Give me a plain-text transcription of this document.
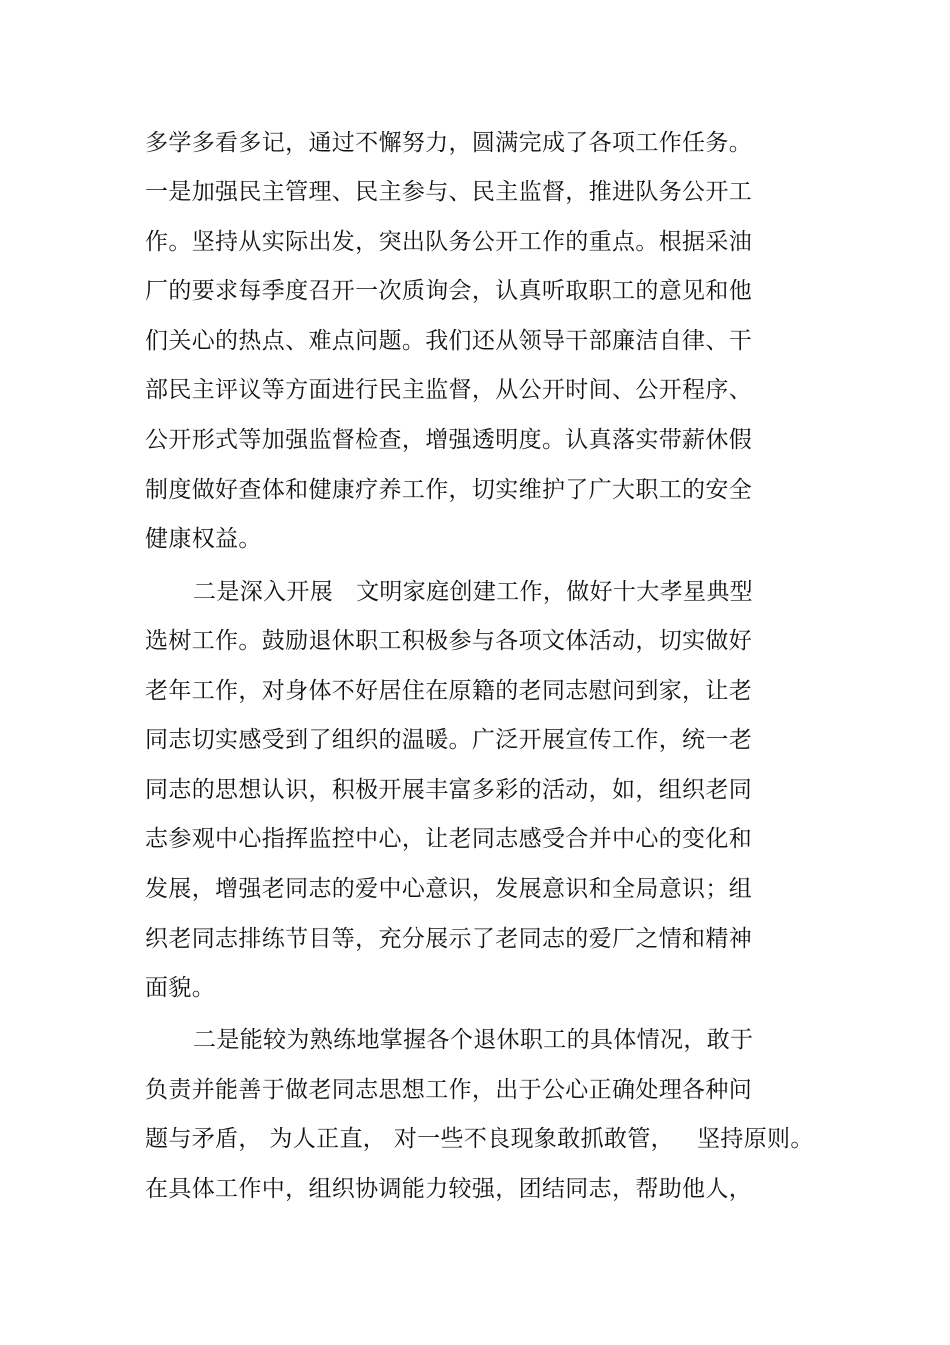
多学多看多记，通过不懈努力，圆满完成了各项工作任务。
一是加强民主管理、民主参与、民主监督，推进队务公开工
作。坚持从实际出发，突出队务公开工作的重点。根据采油
厂的要求每季度召开一次质询会，认真听取职工的意见和他
们关心的热点、难点问题。我们还从领导干部廉洁自律、干
部民主评议等方面进行民主监督，从公开时间、公开程序、
公开形式等加强监督检查，增强透明度。认真落实带薪休假
制度做好查体和健康疗养工作，切实维护了广大职工的安全
健康权益。
二是深入开展   文明家庭创建工作，做好十大孝星典型
选树工作。鼓励退休职工积极参与各项文体活动，切实做好
老年工作，对身体不好居住在原籍的老同志慰问到家，让老
同志切实感受到了组织的温暖。广泛开展宣传工作，统一老
同志的思想认识，积极开展丰富多彩的活动，如，组织老同
志参观中心指挥监控中心，让老同志感受合并中心的变化和
发展，增强老同志的爱中心意识，发展意识和全局意识；组
织老同志排练节目等，充分展示了老同志的爱厂之情和精神
面貌。
二是能较为熟练地掌握各个退休职工的具体情况，敢于
负责并能善于做老同志思想工作，出于公心正确处理各种问
题与矛盾， 为人正直， 对一些不良现象敢抓敢管，   坚持原则。
在具体工作中，组织协调能力较强，团结同志，帮助他人，
